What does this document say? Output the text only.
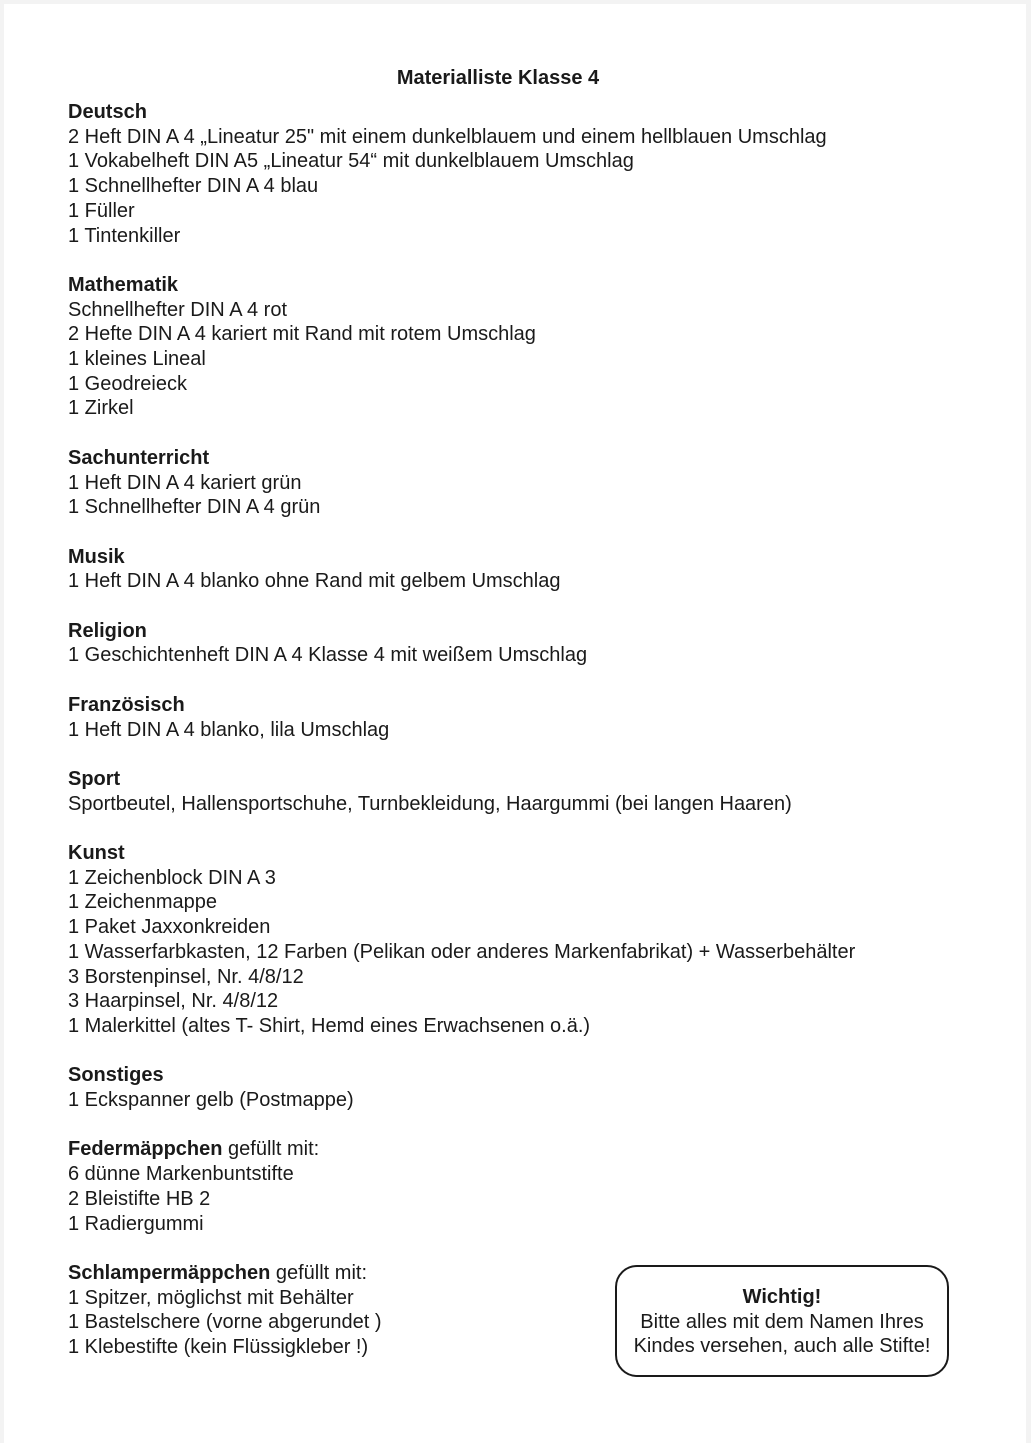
Materialliste Klasse 4

Deutsch

2 Heft DIN A 4 „Lineatur 25" mit einem dunkelblauem und einem hellblauen Umschlag

1 Vokabelheft DIN A5 „Lineatur 54“ mit dunkelblauem Umschlag

1 Schnellhefter DIN A 4 blau

1 Füller

1 Tintenkiller

Mathematik

Schnellhefter DIN A 4 rot

2 Hefte DIN A 4 kariert mit Rand mit rotem Umschlag

1 kleines Lineal

1 Geodreieck

1 Zirkel

Sachunterricht

1 Heft DIN A 4 kariert grün

1 Schnellhefter DIN A 4 grün

Musik

1 Heft DIN A 4 blanko ohne Rand mit gelbem Umschlag

Religion

1 Geschichtenheft DIN A 4 Klasse 4 mit weißem Umschlag

Französisch

1 Heft DIN A 4 blanko, lila Umschlag

Sport

Sportbeutel, Hallensportschuhe, Turnbekleidung, Haargummi (bei langen Haaren)

Kunst

1 Zeichenblock DIN A 3

1 Zeichenmappe

1 Paket Jaxxonkreiden

1 Wasserfarbkasten, 12 Farben (Pelikan oder anderes Markenfabrikat) + Wasserbehälter

3 Borstenpinsel, Nr. 4/8/12

3 Haarpinsel, Nr. 4/8/12

1 Malerkittel (altes T- Shirt, Hemd eines Erwachsenen o.ä.)

Sonstiges

1 Eckspanner gelb (Postmappe)

Federmäppchen gefüllt mit:

6 dünne Markenbuntstifte

2 Bleistifte HB 2

1 Radiergummi

Schlampermäppchen gefüllt mit:

1 Spitzer, möglichst mit Behälter

1 Bastelschere (vorne abgerundet )

1 Klebestifte (kein Flüssigkleber !)

Wichtig!

Bitte alles mit dem Namen Ihres

Kindes versehen, auch alle Stifte!
